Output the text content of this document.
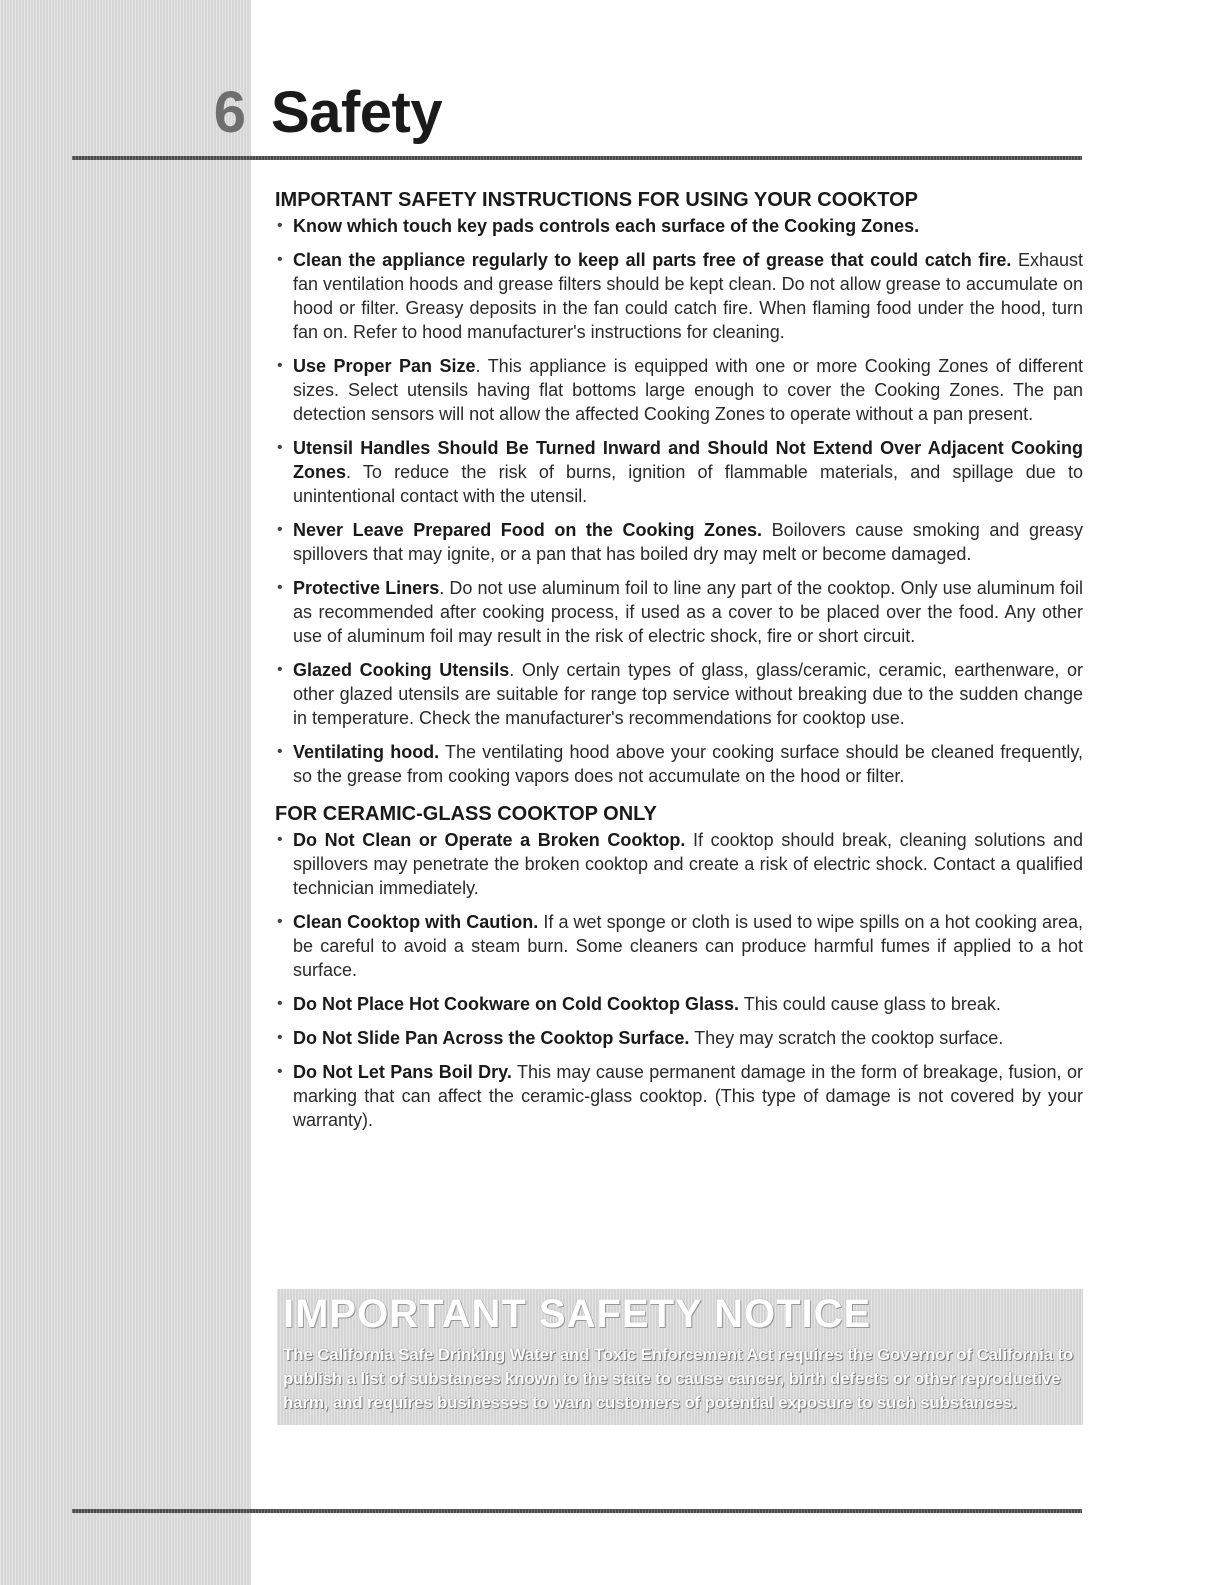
6 Safety
IMPORTANT SAFETY INSTRUCTIONS FOR USING YOUR COOKTOP
• Know which touch key pads controls each surface of the Cooking Zones.
• Clean the appliance regularly to keep all parts free of grease that could catch fire. Exhaust fan ventilation hoods and grease filters should be kept clean. Do not allow grease to accumulate on hood or filter. Greasy deposits in the fan could catch fire. When flaming food under the hood, turn fan on. Refer to hood manufacturer's instructions for cleaning.
• Use Proper Pan Size. This appliance is equipped with one or more Cooking Zones of different sizes. Select utensils having flat bottoms large enough to cover the Cooking Zones. The pan detection sensors will not allow the affected Cooking Zones to operate without a pan present.
• Utensil Handles Should Be Turned Inward and Should Not Extend Over Adjacent Cooking Zones. To reduce the risk of burns, ignition of flammable materials, and spillage due to unintentional contact with the utensil.
• Never Leave Prepared Food on the Cooking Zones. Boilovers cause smoking and greasy spillovers that may ignite, or a pan that has boiled dry may melt or become damaged.
• Protective Liners. Do not use aluminum foil to line any part of the cooktop. Only use aluminum foil as recommended after cooking process, if used as a cover to be placed over the food. Any other use of aluminum foil may result in the risk of electric shock, fire or short circuit.
• Glazed Cooking Utensils. Only certain types of glass, glass/ceramic, ceramic, earthenware, or other glazed utensils are suitable for range top service without breaking due to the sudden change in temperature. Check the manufacturer's recommendations for cooktop use.
• Ventilating hood. The ventilating hood above your cooking surface should be cleaned frequently, so the grease from cooking vapors does not accumulate on the hood or filter.
FOR CERAMIC-GLASS COOKTOP ONLY
• Do Not Clean or Operate a Broken Cooktop. If cooktop should break, cleaning solutions and spillovers may penetrate the broken cooktop and create a risk of electric shock. Contact a qualified technician immediately.
• Clean Cooktop with Caution. If a wet sponge or cloth is used to wipe spills on a hot cooking area, be careful to avoid a steam burn. Some cleaners can produce harmful fumes if applied to a hot surface.
• Do Not Place Hot Cookware on Cold Cooktop Glass. This could cause glass to break.
• Do Not Slide Pan Across the Cooktop Surface. They may scratch the cooktop surface.
• Do Not Let Pans Boil Dry. This may cause permanent damage in the form of breakage, fusion, or marking that can affect the ceramic-glass cooktop. (This type of damage is not covered by your warranty).
IMPORTANT SAFETY NOTICE
The California Safe Drinking Water and Toxic Enforcement Act requires the Governor of California to publish a list of substances known to the state to cause cancer, birth defects or other reproductive harm, and requires businesses to warn customers of potential exposure to such substances.
